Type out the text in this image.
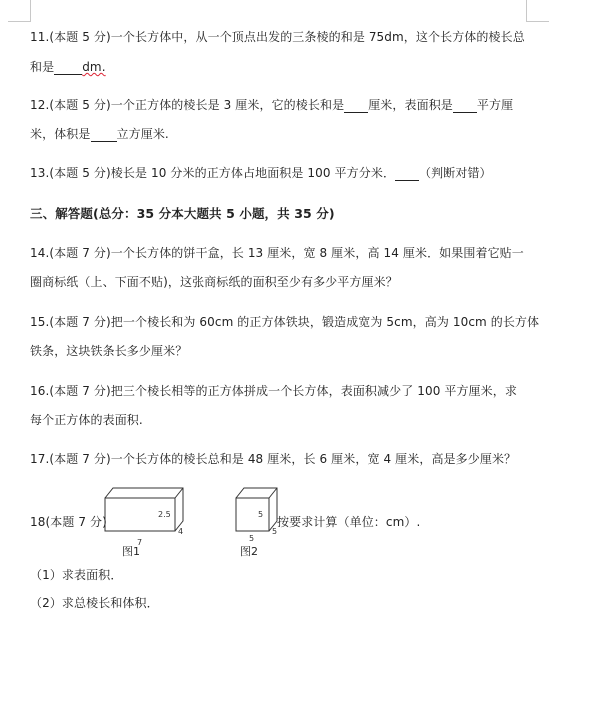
11.(本题 5 分)一个长方体中，从一个顶点出发的三条棱的和是 75dm，这个长方体的棱长总
和是 dm.
12.(本题 5 分)一个正方体的棱长是 3 厘米，它的棱长和是 厘米，表面积是 平方厘
米，体积是 立方厘米.
13.(本题 5 分)棱长是 10 分米的正方体占地面积是 100 平方分米． （判断对错）
三、解答题(总分：35 分本大题共 5 小题，共 35 分)
14.(本题 7 分)一个长方体的饼干盒，长 13 厘米，宽 8 厘米，高 14 厘米．如果围着它贴一
圈商标纸（上、下面不贴)，这张商标纸的面积至少有多少平方厘米？
15.(本题 7 分)把一个棱长和为 60cm 的正方体铁块，锻造成宽为 5cm，高为 10cm 的长方体
铁条，这块铁条长多少厘米？
16.(本题 7 分)把三个棱长相等的正方体拼成一个长方体，表面积减少了 100 平方厘米，求
每个正方体的表面积.
17.(本题 7 分)一个长方体的棱长总和是 48 厘米，长 6 厘米，宽 4 厘米，高是多少厘米？
18(本题 7 分)	按要求计算（单位：cm）.
2.5
4
7
图1
5
5
5
图2
（1）求表面积．
（2）求总棱长和体积．
